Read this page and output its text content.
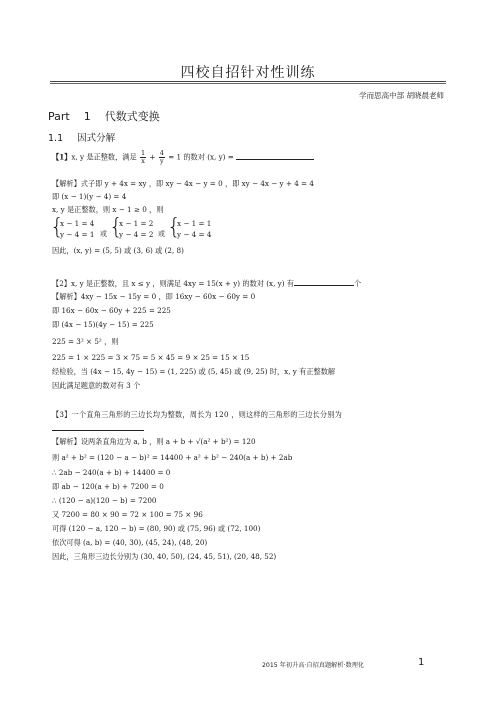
四校自招针对性训练
学而思高中部 胡晓晨老师
Part 1 代数式变换
1.1 因式分解
【1】x, y 是正整数，满足 $\frac{1}{x} + \frac{4}{y} = 1$ 的数对 (x, y) =
【解析】式子即 y + 4x = xy ，即 xy − 4x − y = 0 ，即 xy − 4x − y + 4 = 4
即 (x − 1)(y − 4) = 4
x, y 是正整数，则 x − 1 ≥ 0 ，则
{
x − 1 = 4
y − 4 = 1 或 {
x − 1 = 2
y − 4 = 2 或 {
x − 1 = 1
y − 4 = 4
因此，(x, y) = (5, 5) 或 (3, 6) 或 (2, 8)
【2】x, y 是正整数，且 x ≤ y ，则满足 4xy = 15(x + y) 的数对 (x, y) 有	个
【解析】4xy − 15x − 15y = 0 ，即 16xy − 60x − 60y = 0
即 16x − 60x − 60y + 225 = 225
即 (4x − 15)(4y − 15) = 225
225 = 3² × 5² ，则
225 = 1 × 225 = 3 × 75 = 5 × 45 = 9 × 25 = 15 × 15
经检验，当 (4x − 15, 4y − 15) = (1, 225) 或 (5, 45) 或 (9, 25) 时，x, y 有正整数解
因此满足题意的数对有 3 个
【3】一个直角三角形的三边长均为整数，周长为 120 ，则这样的三角形的三边长分别为
【解析】设两条直角边为 a, b ，则 a + b + √(a² + b²) = 120
则 a² + b² = (120 − a − b)² = 14400 + a² + b² − 240(a + b) + 2ab
∴ 2ab − 240(a + b) + 14400 = 0
即 ab − 120(a + b) + 7200 = 0
∴ (120 − a)(120 − b) = 7200
又 7200 = 80 × 90 = 72 × 100 = 75 × 96
可得 (120 − a, 120 − b) = (80, 90) 或 (75, 96) 或 (72, 100)
依次可得 (a, b) = (40, 30), (45, 24), (48, 20)
因此，三角形三边长分别为 (30, 40, 50), (24, 45, 51), (20, 48, 52)
2015 年初升高·自招真题解析·数理化	1
